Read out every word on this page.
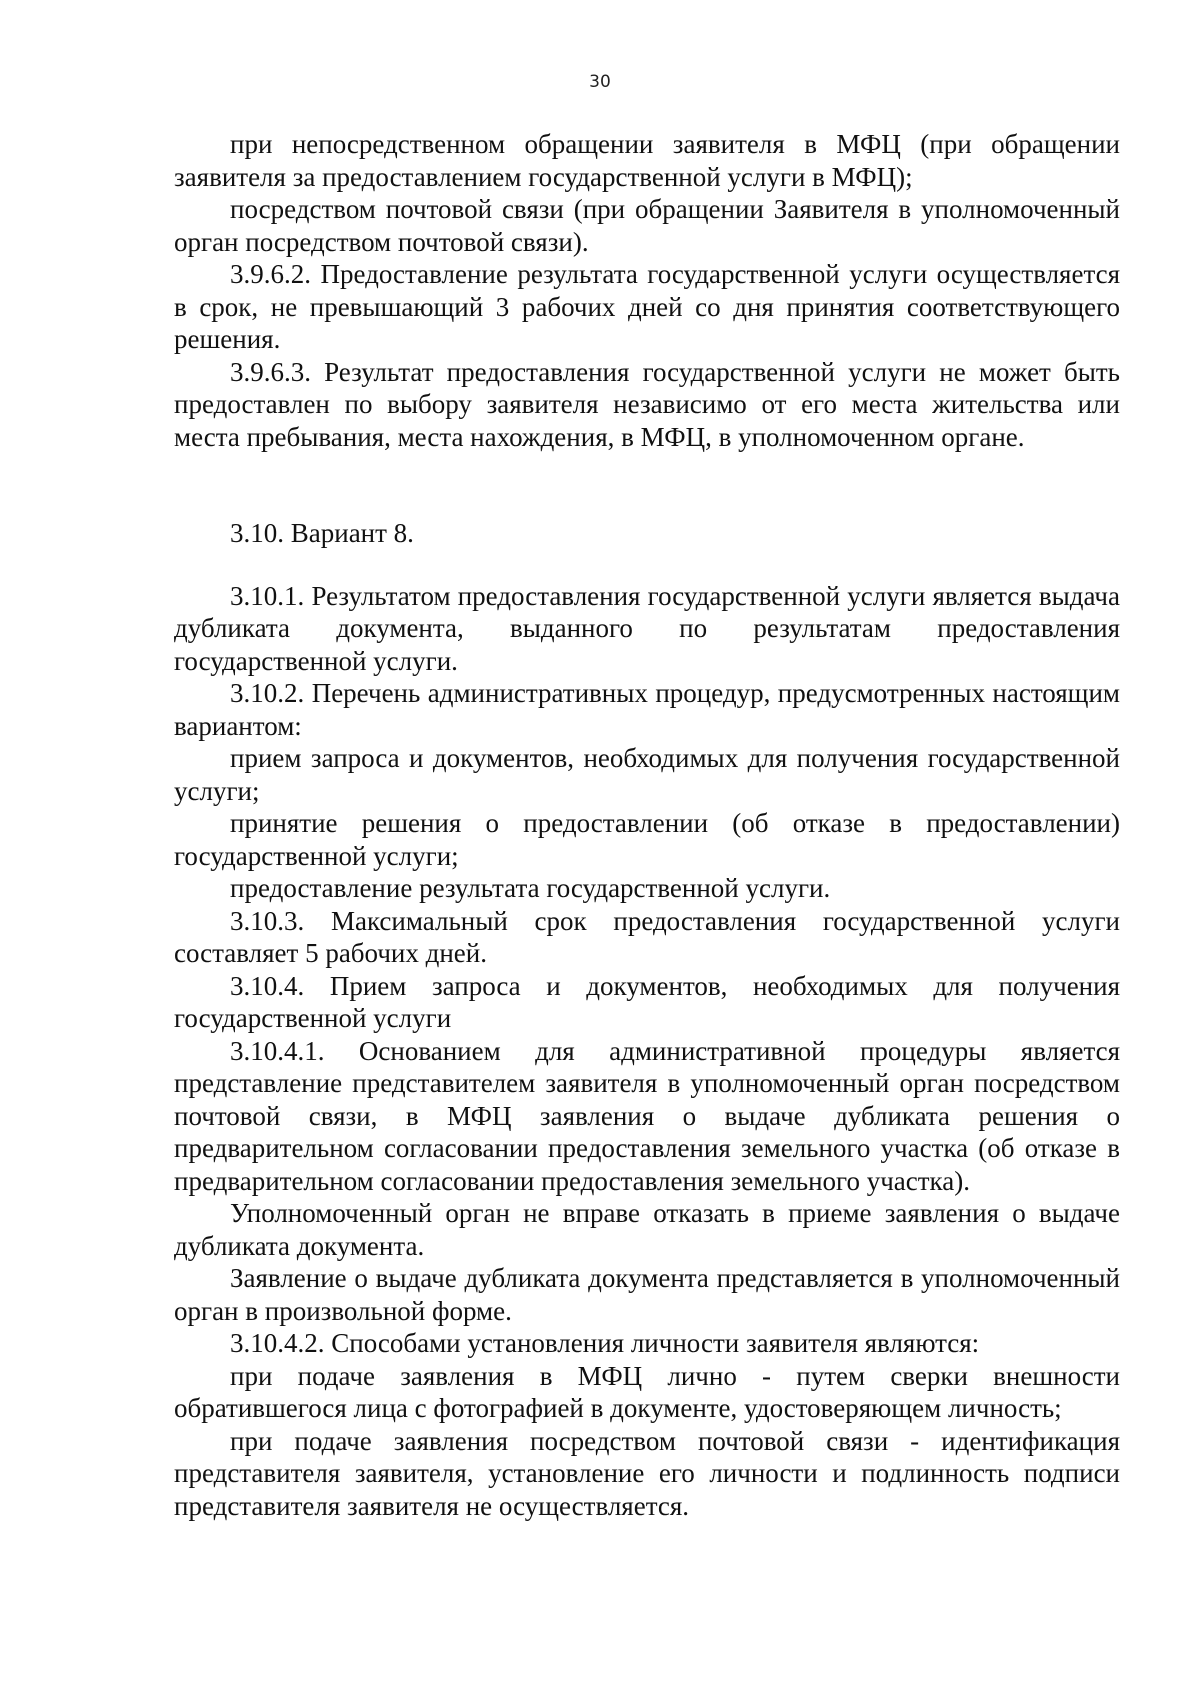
30

при непосредственном обращении заявителя в МФЦ (при обращении заявителя за предоставлением государственной услуги в МФЦ);

посредством почтовой связи (при обращении Заявителя в уполномоченный орган посредством почтовой связи).

3.9.6.2. Предоставление результата государственной услуги осуществляется в срок, не превышающий 3 рабочих дней со дня принятия соответствующего решения.

3.9.6.3. Результат предоставления государственной услуги не может быть предоставлен по выбору заявителя независимо от его места жительства или места пребывания, места нахождения, в МФЦ, в уполномоченном органе.

3.10. Вариант 8.

3.10.1. Результатом предоставления государственной услуги является выдача дубликата документа, выданного по результатам предоставления государственной услуги.

3.10.2. Перечень административных процедур, предусмотренных настоящим вариантом:

прием запроса и документов, необходимых для получения государственной услуги;

принятие решения о предоставлении (об отказе в предоставлении) государственной услуги;

предоставление результата государственной услуги.

3.10.3. Максимальный срок предоставления государственной услуги составляет 5 рабочих дней.

3.10.4. Прием запроса и документов, необходимых для получения государственной услуги

3.10.4.1. Основанием для административной процедуры является представление представителем заявителя в уполномоченный орган посредством почтовой связи, в МФЦ заявления о выдаче дубликата решения о предварительном согласовании предоставления земельного участка (об отказе в предварительном согласовании предоставления земельного участка).

Уполномоченный орган не вправе отказать в приеме заявления о выдаче дубликата документа.

Заявление о выдаче дубликата документа представляется в уполномоченный орган в произвольной форме.

3.10.4.2. Способами установления личности заявителя являются:

при подаче заявления в МФЦ лично - путем сверки внешности обратившегося лица с фотографией в документе, удостоверяющем личность;

при подаче заявления посредством почтовой связи - идентификация представителя заявителя, установление его личности и подлинность подписи представителя заявителя не осуществляется.
